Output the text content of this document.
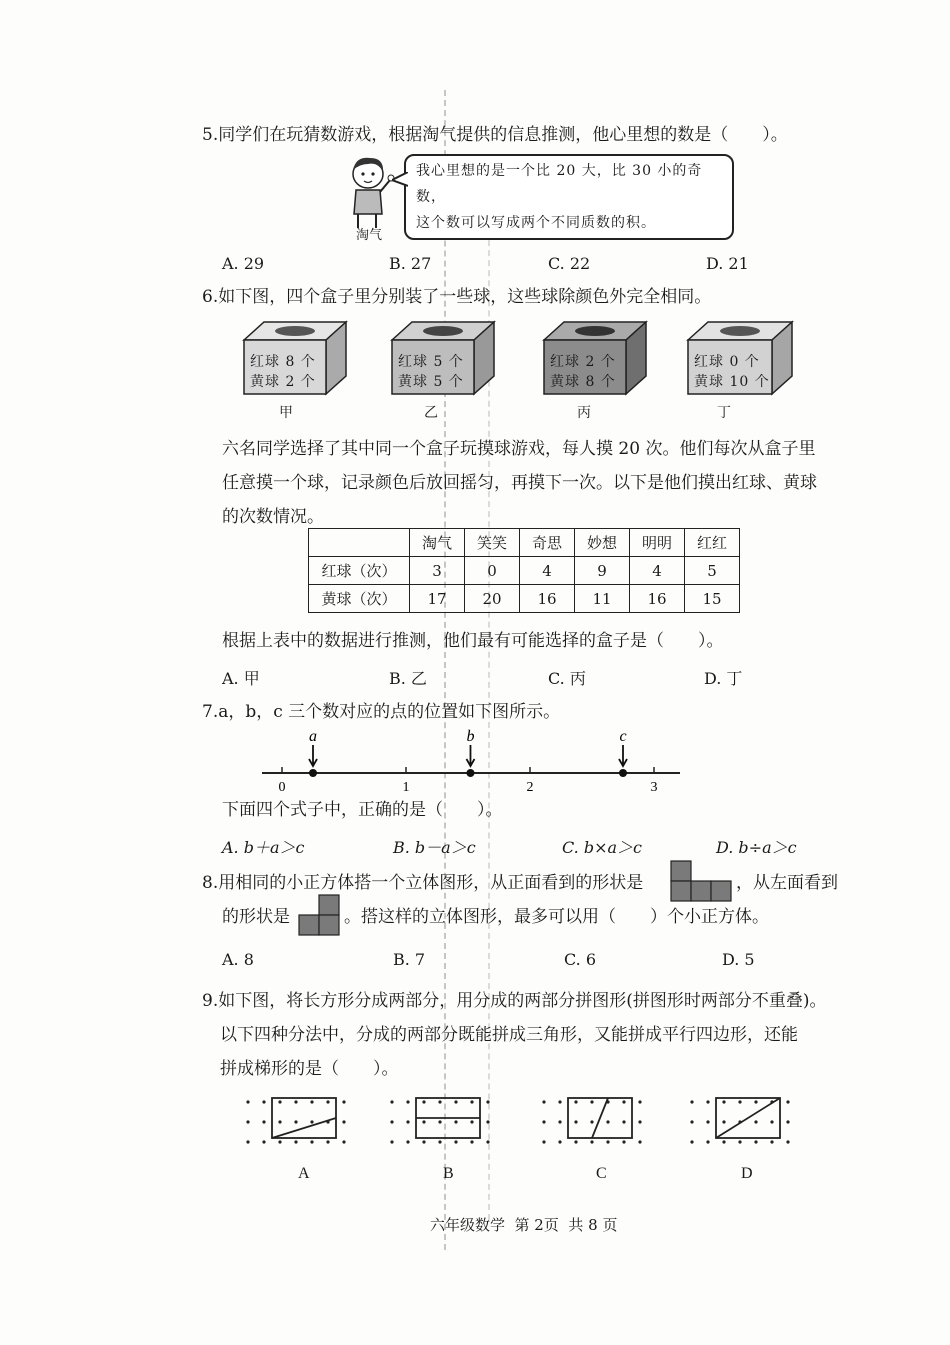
5.同学们在玩猜数游戏，根据淘气提供的信息推测，他心里想的数是（　　）。
淘气
我心里想的是一个比 20 大，比 30 小的奇数，
这个数可以写成两个不同质数的积。
A. 29	B. 27	C. 22	D. 21
6.如下图，四个盒子里分别装了一些球，这些球除颜色外完全相同。
红球 8 个
黄球 2 个
红球 5 个
黄球 5 个
红球 2 个
黄球 8 个
红球 0 个
黄球 10 个
甲	乙	丙	丁
六名同学选择了其中同一个盒子玩摸球游戏，每人摸 20 次。他们每次从盒子里
任意摸一个球，记录颜色后放回摇匀，再摸下一次。以下是他们摸出红球、黄球
的次数情况。
	淘气	笑笑	奇思	妙想	明明	红红
红球（次）	3	0	4	9	4	5
黄球（次）	17	20	16	11	16	15
根据上表中的数据进行推测，他们最有可能选择的盒子是（　　）。
A. 甲	B. 乙	C. 丙	D. 丁
7.a，b，c 三个数对应的点的位置如下图所示。
0	1	2	3
a	b	c
下面四个式子中，正确的是（　　）。
A. b＋a＞c	B. b－a＞c	C. b×a＞c	D. b÷a＞c
8.用相同的小正方体搭一个立体图形，从正面看到的形状是	，从左面看到
的形状是	。搭这样的立体图形，最多可以用（　　）个小正方体。
A. 8	B. 7	C. 6	D. 5
9.如下图，将长方形分成两部分，用分成的两部分拼图形(拼图形时两部分不重叠)。
以下四种分法中，分成的两部分既能拼成三角形，又能拼成平行四边形，还能
拼成梯形的是（　　）。
A	B	C	D
六年级数学  第 2页  共 8 页
